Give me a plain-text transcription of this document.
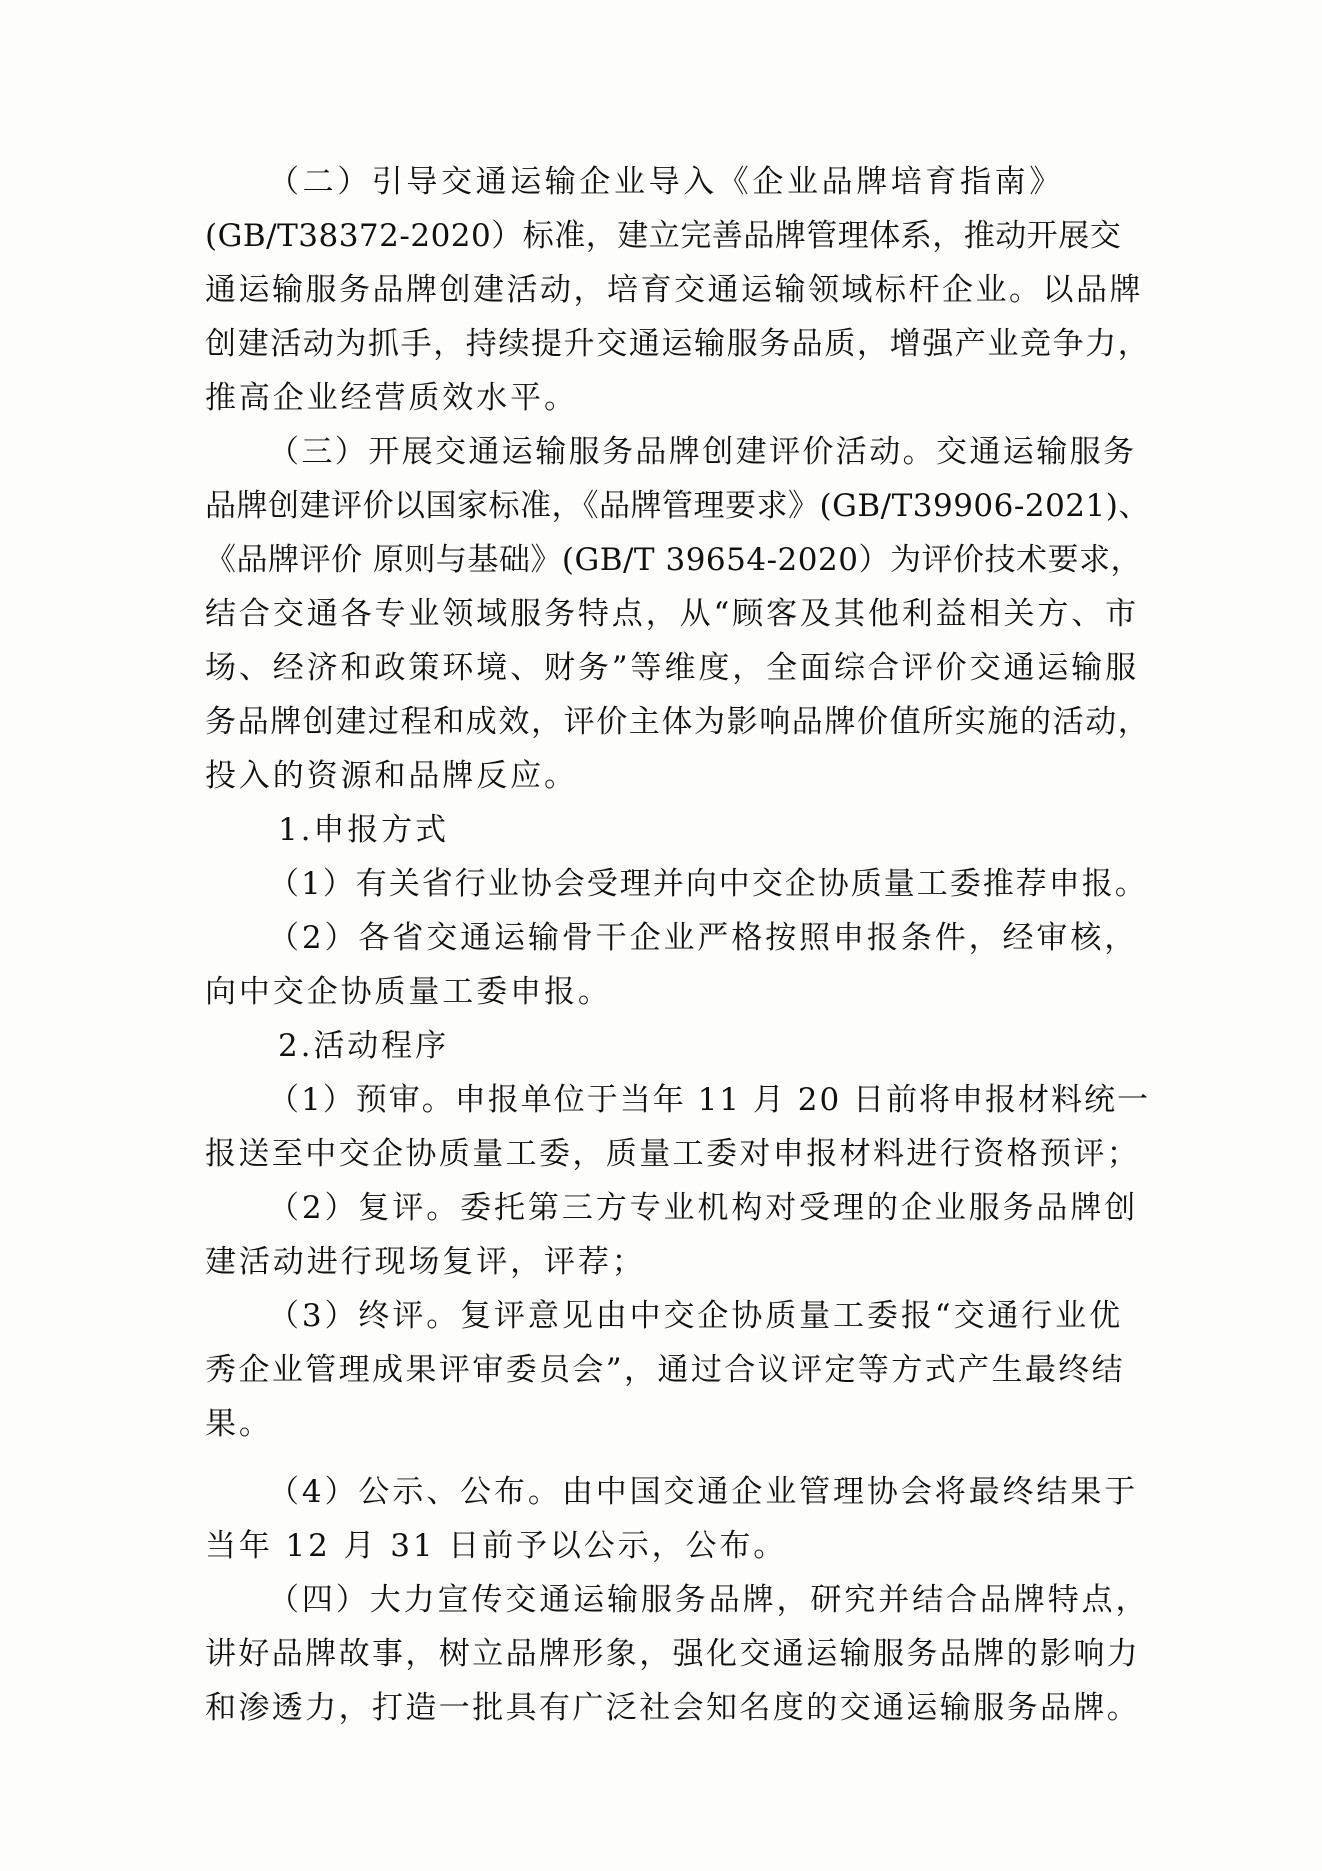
（二）引导交通运输企业导入《企业品牌培育指南》
(GB/T38372-2020）标准，建立完善品牌管理体系，推动开展交
通运输服务品牌创建活动，培育交通运输领域标杆企业。以品牌
创建活动为抓手，持续提升交通运输服务品质，增强产业竞争力，
推高企业经营质效水平。
（三）开展交通运输服务品牌创建评价活动。交通运输服务
品牌创建评价以国家标准，《品牌管理要求》(GB/T39906-2021)、
《品牌评价 原则与基础》(GB/T 39654-2020）为评价技术要求，
结合交通各专业领域服务特点，从“顾客及其他利益相关方、市
场、经济和政策环境、财务”等维度，全面综合评价交通运输服
务品牌创建过程和成效，评价主体为影响品牌价值所实施的活动，
投入的资源和品牌反应。
1.申报方式
（1）有关省行业协会受理并向中交企协质量工委推荐申报。
（2）各省交通运输骨干企业严格按照申报条件，经审核，
向中交企协质量工委申报。
2.活动程序
（1）预审。申报单位于当年 11 月 20 日前将申报材料统一
报送至中交企协质量工委，质量工委对申报材料进行资格预评；
（2）复评。委托第三方专业机构对受理的企业服务品牌创
建活动进行现场复评，评荐；
（3）终评。复评意见由中交企协质量工委报“交通行业优
秀企业管理成果评审委员会”，通过合议评定等方式产生最终结
果。
（4）公示、公布。由中国交通企业管理协会将最终结果于
当年 12 月 31 日前予以公示，公布。
（四）大力宣传交通运输服务品牌，研究并结合品牌特点，
讲好品牌故事，树立品牌形象，强化交通运输服务品牌的影响力
和渗透力，打造一批具有广泛社会知名度的交通运输服务品牌。
